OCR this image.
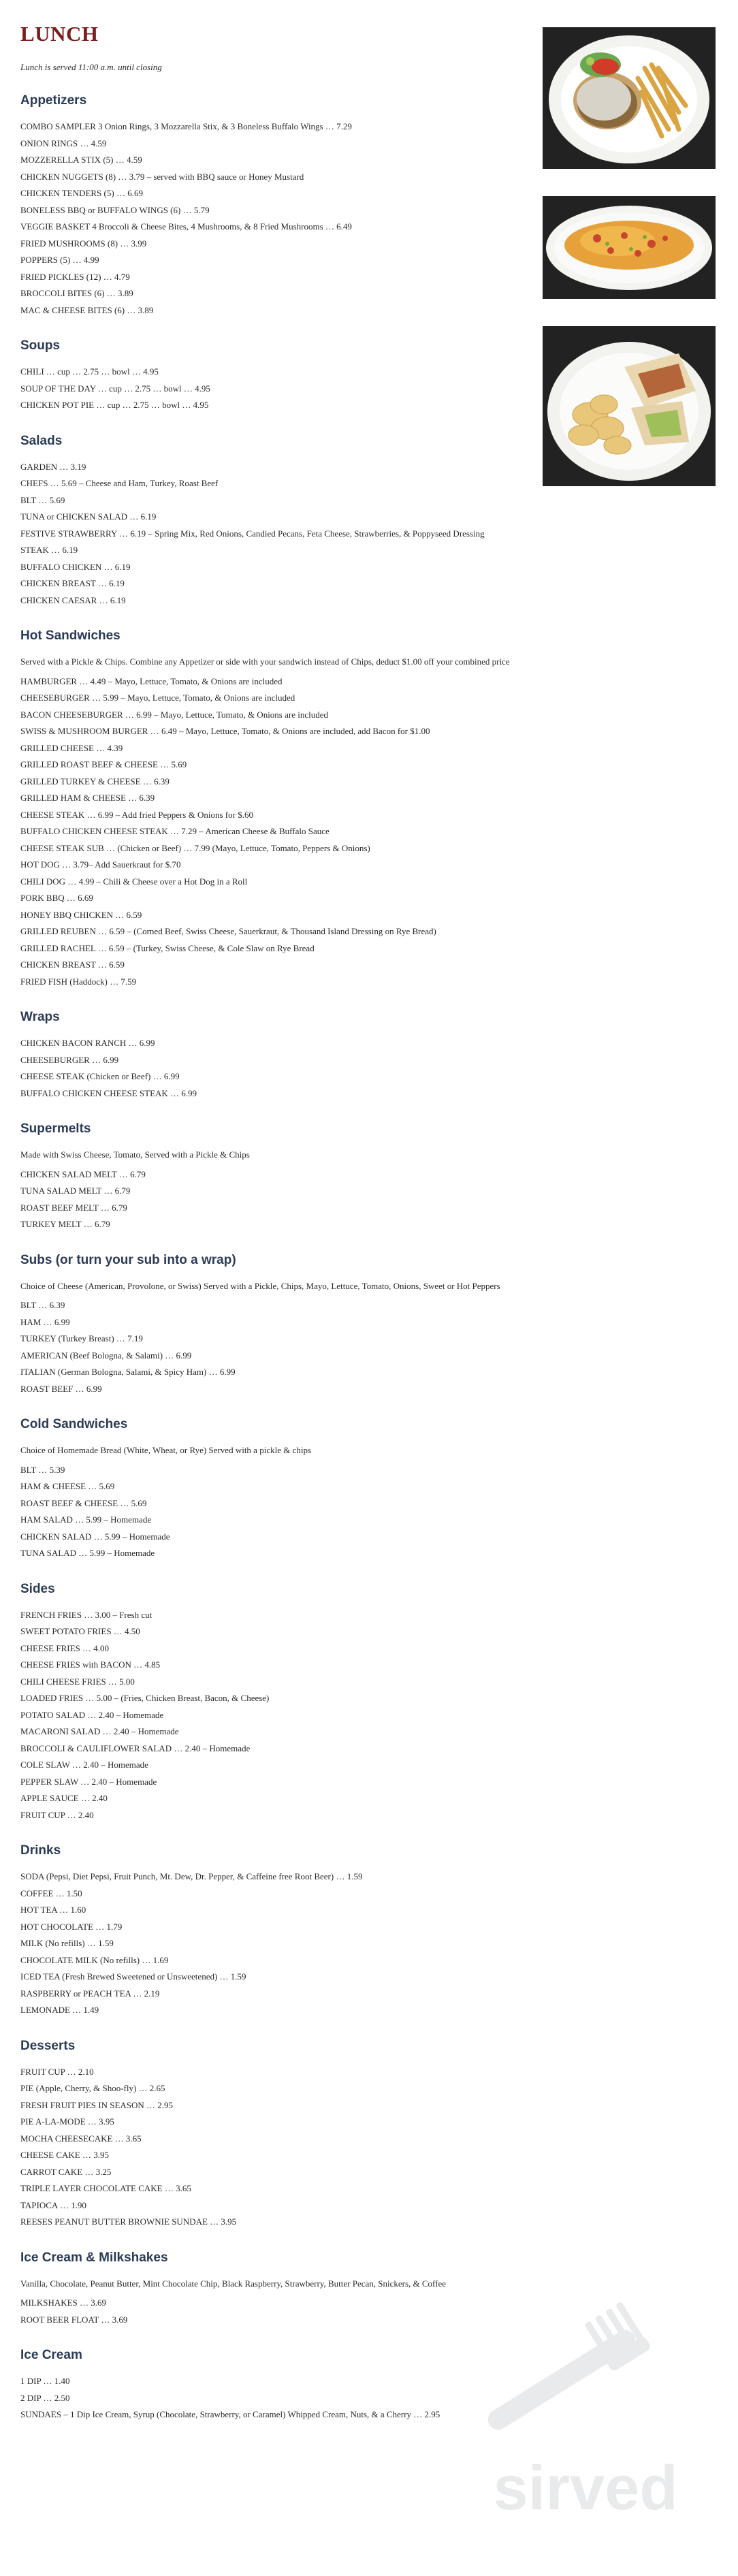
LUNCH
Lunch is served 11:00 a.m. until closing
Appetizers
COMBO SAMPLER 3 Onion Rings, 3 Mozzarella Stix, & 3 Boneless Buffalo Wings … 7.29
ONION RINGS … 4.59
MOZZERELLA STIX (5) … 4.59
CHICKEN NUGGETS (8) … 3.79 – served with BBQ sauce or Honey Mustard
CHICKEN TENDERS (5) … 6.69
BONELESS BBQ or BUFFALO WINGS (6) … 5.79
VEGGIE BASKET 4 Broccoli & Cheese Bites, 4 Mushrooms, & 8 Fried Mushrooms … 6.49
FRIED MUSHROOMS (8) … 3.99
POPPERS (5) … 4.99
FRIED PICKLES (12) … 4.79
BROCCOLI BITES (6) … 3.89
MAC & CHEESE BITES (6) … 3.89
Soups
CHILI … cup … 2.75 … bowl … 4.95
SOUP OF THE DAY … cup … 2.75 … bowl … 4.95
CHICKEN POT PIE … cup … 2.75 … bowl … 4.95
Salads
GARDEN … 3.19
CHEFS … 5.69 – Cheese and Ham, Turkey, Roast Beef
BLT … 5.69
TUNA or CHICKEN SALAD … 6.19
FESTIVE STRAWBERRY … 6.19 – Spring Mix, Red Onions, Candied Pecans, Feta Cheese, Strawberries, & Poppyseed Dressing
STEAK … 6.19
BUFFALO CHICKEN … 6.19
CHICKEN BREAST … 6.19
CHICKEN CAESAR … 6.19
Hot Sandwiches
Served with a Pickle & Chips. Combine any Appetizer or side with your sandwich instead of Chips, deduct $1.00 off your combined price
HAMBURGER … 4.49 – Mayo, Lettuce, Tomato, & Onions are included
CHEESEBURGER … 5.99 – Mayo, Lettuce, Tomato, & Onions are included
BACON CHEESEBURGER … 6.99 – Mayo, Lettuce, Tomato, & Onions are included
SWISS & MUSHROOM BURGER … 6.49 – Mayo, Lettuce, Tomato, & Onions are included, add Bacon for $1.00
GRILLED CHEESE … 4.39
GRILLED ROAST BEEF & CHEESE … 5.69
GRILLED TURKEY & CHEESE … 6.39
GRILLED HAM & CHEESE … 6.39
CHEESE STEAK … 6.99 – Add fried Peppers & Onions for $.60
BUFFALO CHICKEN CHEESE STEAK … 7.29 – American Cheese & Buffalo Sauce
CHEESE STEAK SUB … (Chicken or Beef) … 7.99 (Mayo, Lettuce, Tomato, Peppers & Onions)
HOT DOG … 3.79– Add Sauerkraut for $.70
CHILI DOG … 4.99 – Chili & Cheese over a Hot Dog in a Roll
PORK BBQ … 6.69
HONEY BBQ CHICKEN … 6.59
GRILLED REUBEN … 6.59 – (Corned Beef, Swiss Cheese, Sauerkraut, & Thousand Island Dressing on Rye Bread)
GRILLED RACHEL … 6.59 – (Turkey, Swiss Cheese, & Cole Slaw on Rye Bread
CHICKEN BREAST … 6.59
FRIED FISH (Haddock) … 7.59
Wraps
CHICKEN BACON RANCH … 6.99
CHEESEBURGER … 6.99
CHEESE STEAK (Chicken or Beef) … 6.99
BUFFALO CHICKEN CHEESE STEAK … 6.99
Supermelts
Made with Swiss Cheese, Tomato, Served with a Pickle & Chips
CHICKEN SALAD MELT … 6.79
TUNA SALAD MELT … 6.79
ROAST BEEF MELT … 6.79
TURKEY MELT … 6.79
Subs (or turn your sub into a wrap)
Choice of Cheese (American, Provolone, or Swiss) Served with a Pickle, Chips, Mayo, Lettuce, Tomato, Onions, Sweet or Hot Peppers
BLT … 6.39
HAM … 6.99
TURKEY (Turkey Breast) … 7.19
AMERICAN (Beef Bologna, & Salami) … 6.99
ITALIAN (German Bologna, Salami, & Spicy Ham) … 6.99
ROAST BEEF … 6.99
Cold Sandwiches
Choice of Homemade Bread (White, Wheat, or Rye) Served with a pickle & chips
BLT … 5.39
HAM & CHEESE … 5.69
ROAST BEEF & CHEESE … 5.69
HAM SALAD … 5.99 – Homemade
CHICKEN SALAD … 5.99 – Homemade
TUNA SALAD … 5.99 – Homemade
Sides
FRENCH FRIES … 3.00 – Fresh cut
SWEET POTATO FRIES … 4.50
CHEESE FRIES … 4.00
CHEESE FRIES with BACON … 4.85
CHILI CHEESE FRIES … 5.00
LOADED FRIES … 5.00 – (Fries, Chicken Breast, Bacon, & Cheese)
POTATO SALAD … 2.40 – Homemade
MACARONI SALAD … 2.40 – Homemade
BROCCOLI & CAULIFLOWER SALAD … 2.40 – Homemade
COLE SLAW … 2.40 – Homemade
PEPPER SLAW … 2.40 – Homemade
APPLE SAUCE … 2.40
FRUIT CUP … 2.40
Drinks
SODA (Pepsi, Diet Pepsi, Fruit Punch, Mt. Dew, Dr. Pepper, & Caffeine free Root Beer) … 1.59
COFFEE … 1.50
HOT TEA … 1.60
HOT CHOCOLATE … 1.79
MILK (No refills) … 1.59
CHOCOLATE MILK (No refills) … 1.69
ICED TEA (Fresh Brewed Sweetened or Unsweetened) … 1.59
RASPBERRY or PEACH TEA … 2.19
LEMONADE … 1.49
Desserts
FRUIT CUP … 2.10
PIE (Apple, Cherry, & Shoo-fly) … 2.65
FRESH FRUIT PIES IN SEASON … 2.95
PIE A-LA-MODE … 3.95
MOCHA CHEESECAKE … 3.65
CHEESE CAKE … 3.95
CARROT CAKE … 3.25
TRIPLE LAYER CHOCOLATE CAKE … 3.65
TAPIOCA … 1.90
REESES PEANUT BUTTER BROWNIE SUNDAE … 3.95
Ice Cream & Milkshakes
Vanilla, Chocolate, Peanut Butter, Mint Chocolate Chip, Black Raspberry, Strawberry, Butter Pecan, Snickers, & Coffee
MILKSHAKES … 3.69
ROOT BEER FLOAT … 3.69
Ice Cream
1 DIP … 1.40
2 DIP … 2.50
SUNDAES – 1 Dip Ice Cream, Syrup (Chocolate, Strawberry, or Caramel) Whipped Cream, Nuts, & a Cherry … 2.95
sirved
